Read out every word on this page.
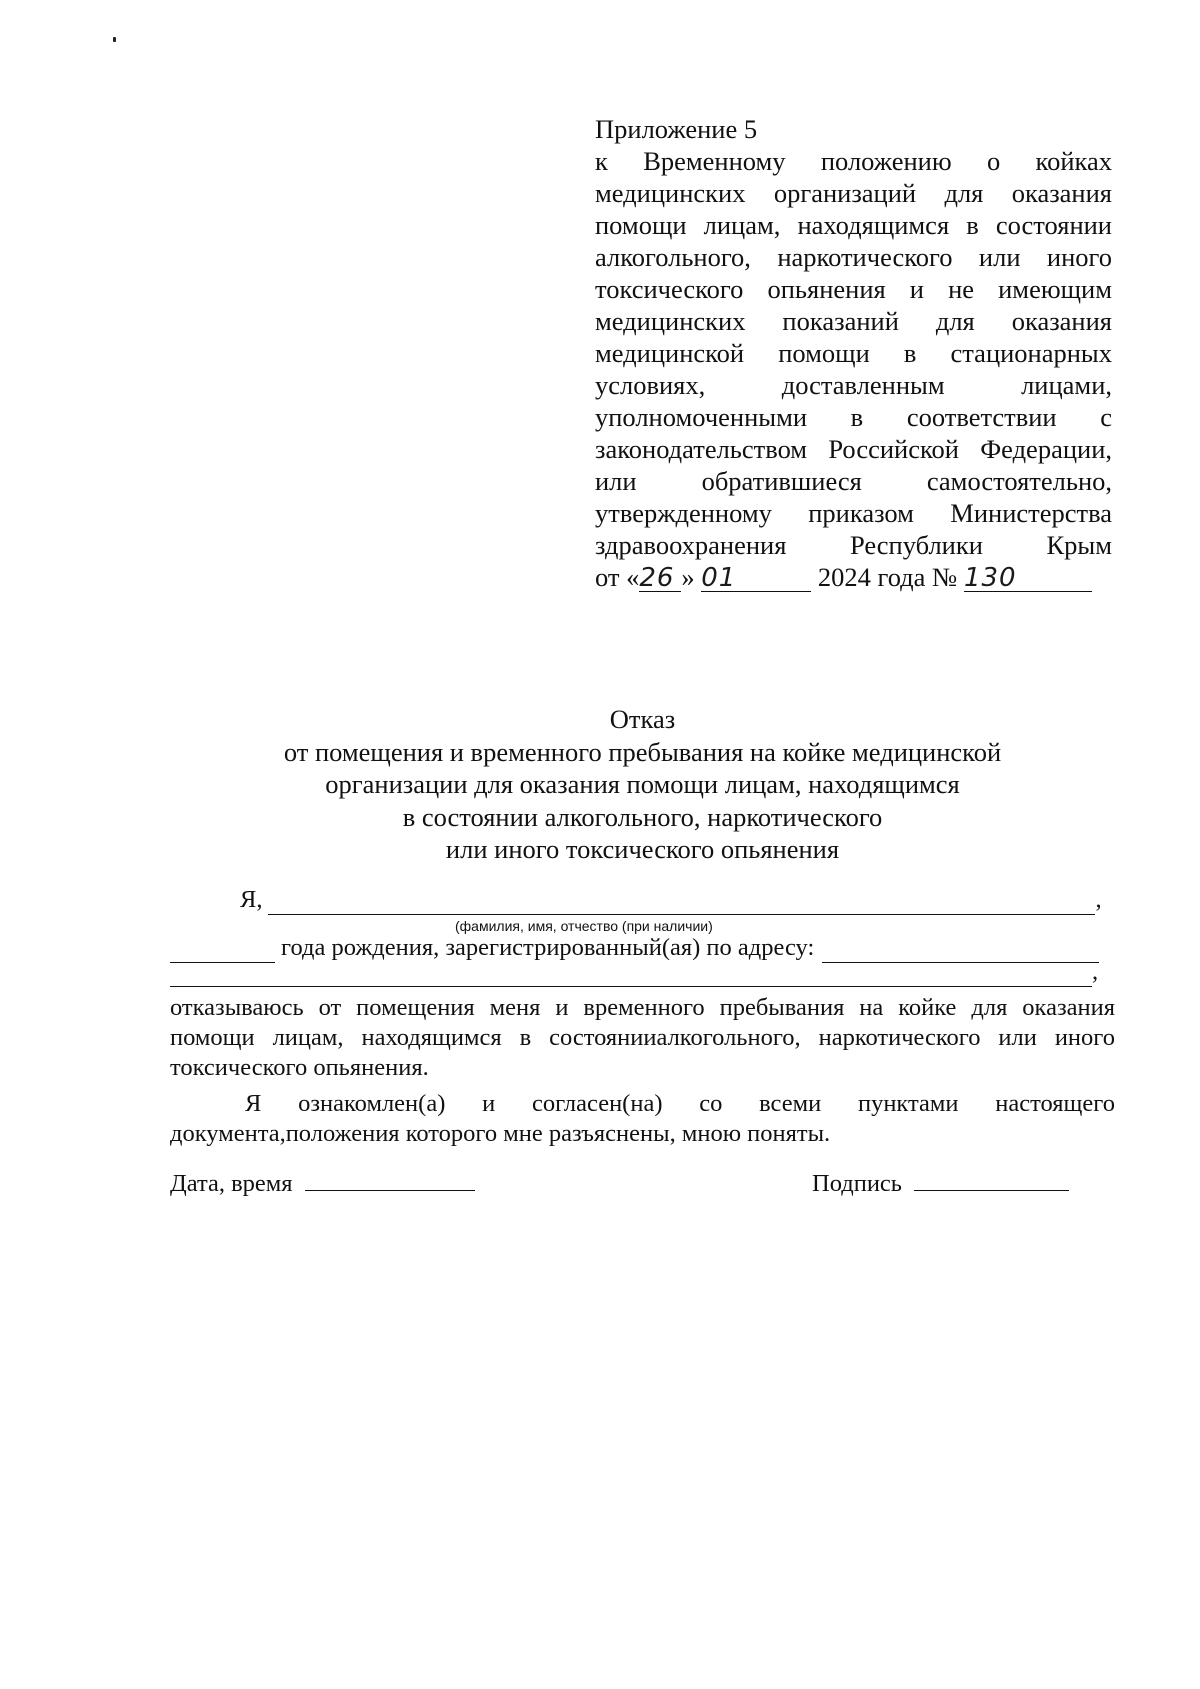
Приложение 5

к Временному положению о койках медицинских организаций для оказания помощи лицам, находящимся в состоянии алкогольного, наркотического или иного токсического опьянения и не имеющим медицинских показаний для оказания медицинской помощи в стационарных условиях, доставленным лицами, уполномоченными в соответствии с законодательством Российской Федерации, или обратившиеся самостоятельно, утвержденному приказом Министерства здравоохранения Республики Крым

от «26 » 01	2024 года № 130
Отказ
от помещения и временного пребывания на койке медицинской
организации для оказания помощи лицам, находящимся
в состоянии алкогольного, наркотического
или иного токсического опьянения
Я,	,
(фамилия, имя, отчество (при наличии)
года рождения, зарегистрированный(ая) по адресу:
,

отказываюсь от помещения меня и временного пребывания на койке для оказания помощи лицам, находящимся в состоянииалкогольного, наркотического или иного токсического опьянения.

Я ознакомлен(а) и согласен(на) со всеми пунктами настоящего

документа,положения которого мне разъяснены, мною поняты.

Дата, время	Подпись
